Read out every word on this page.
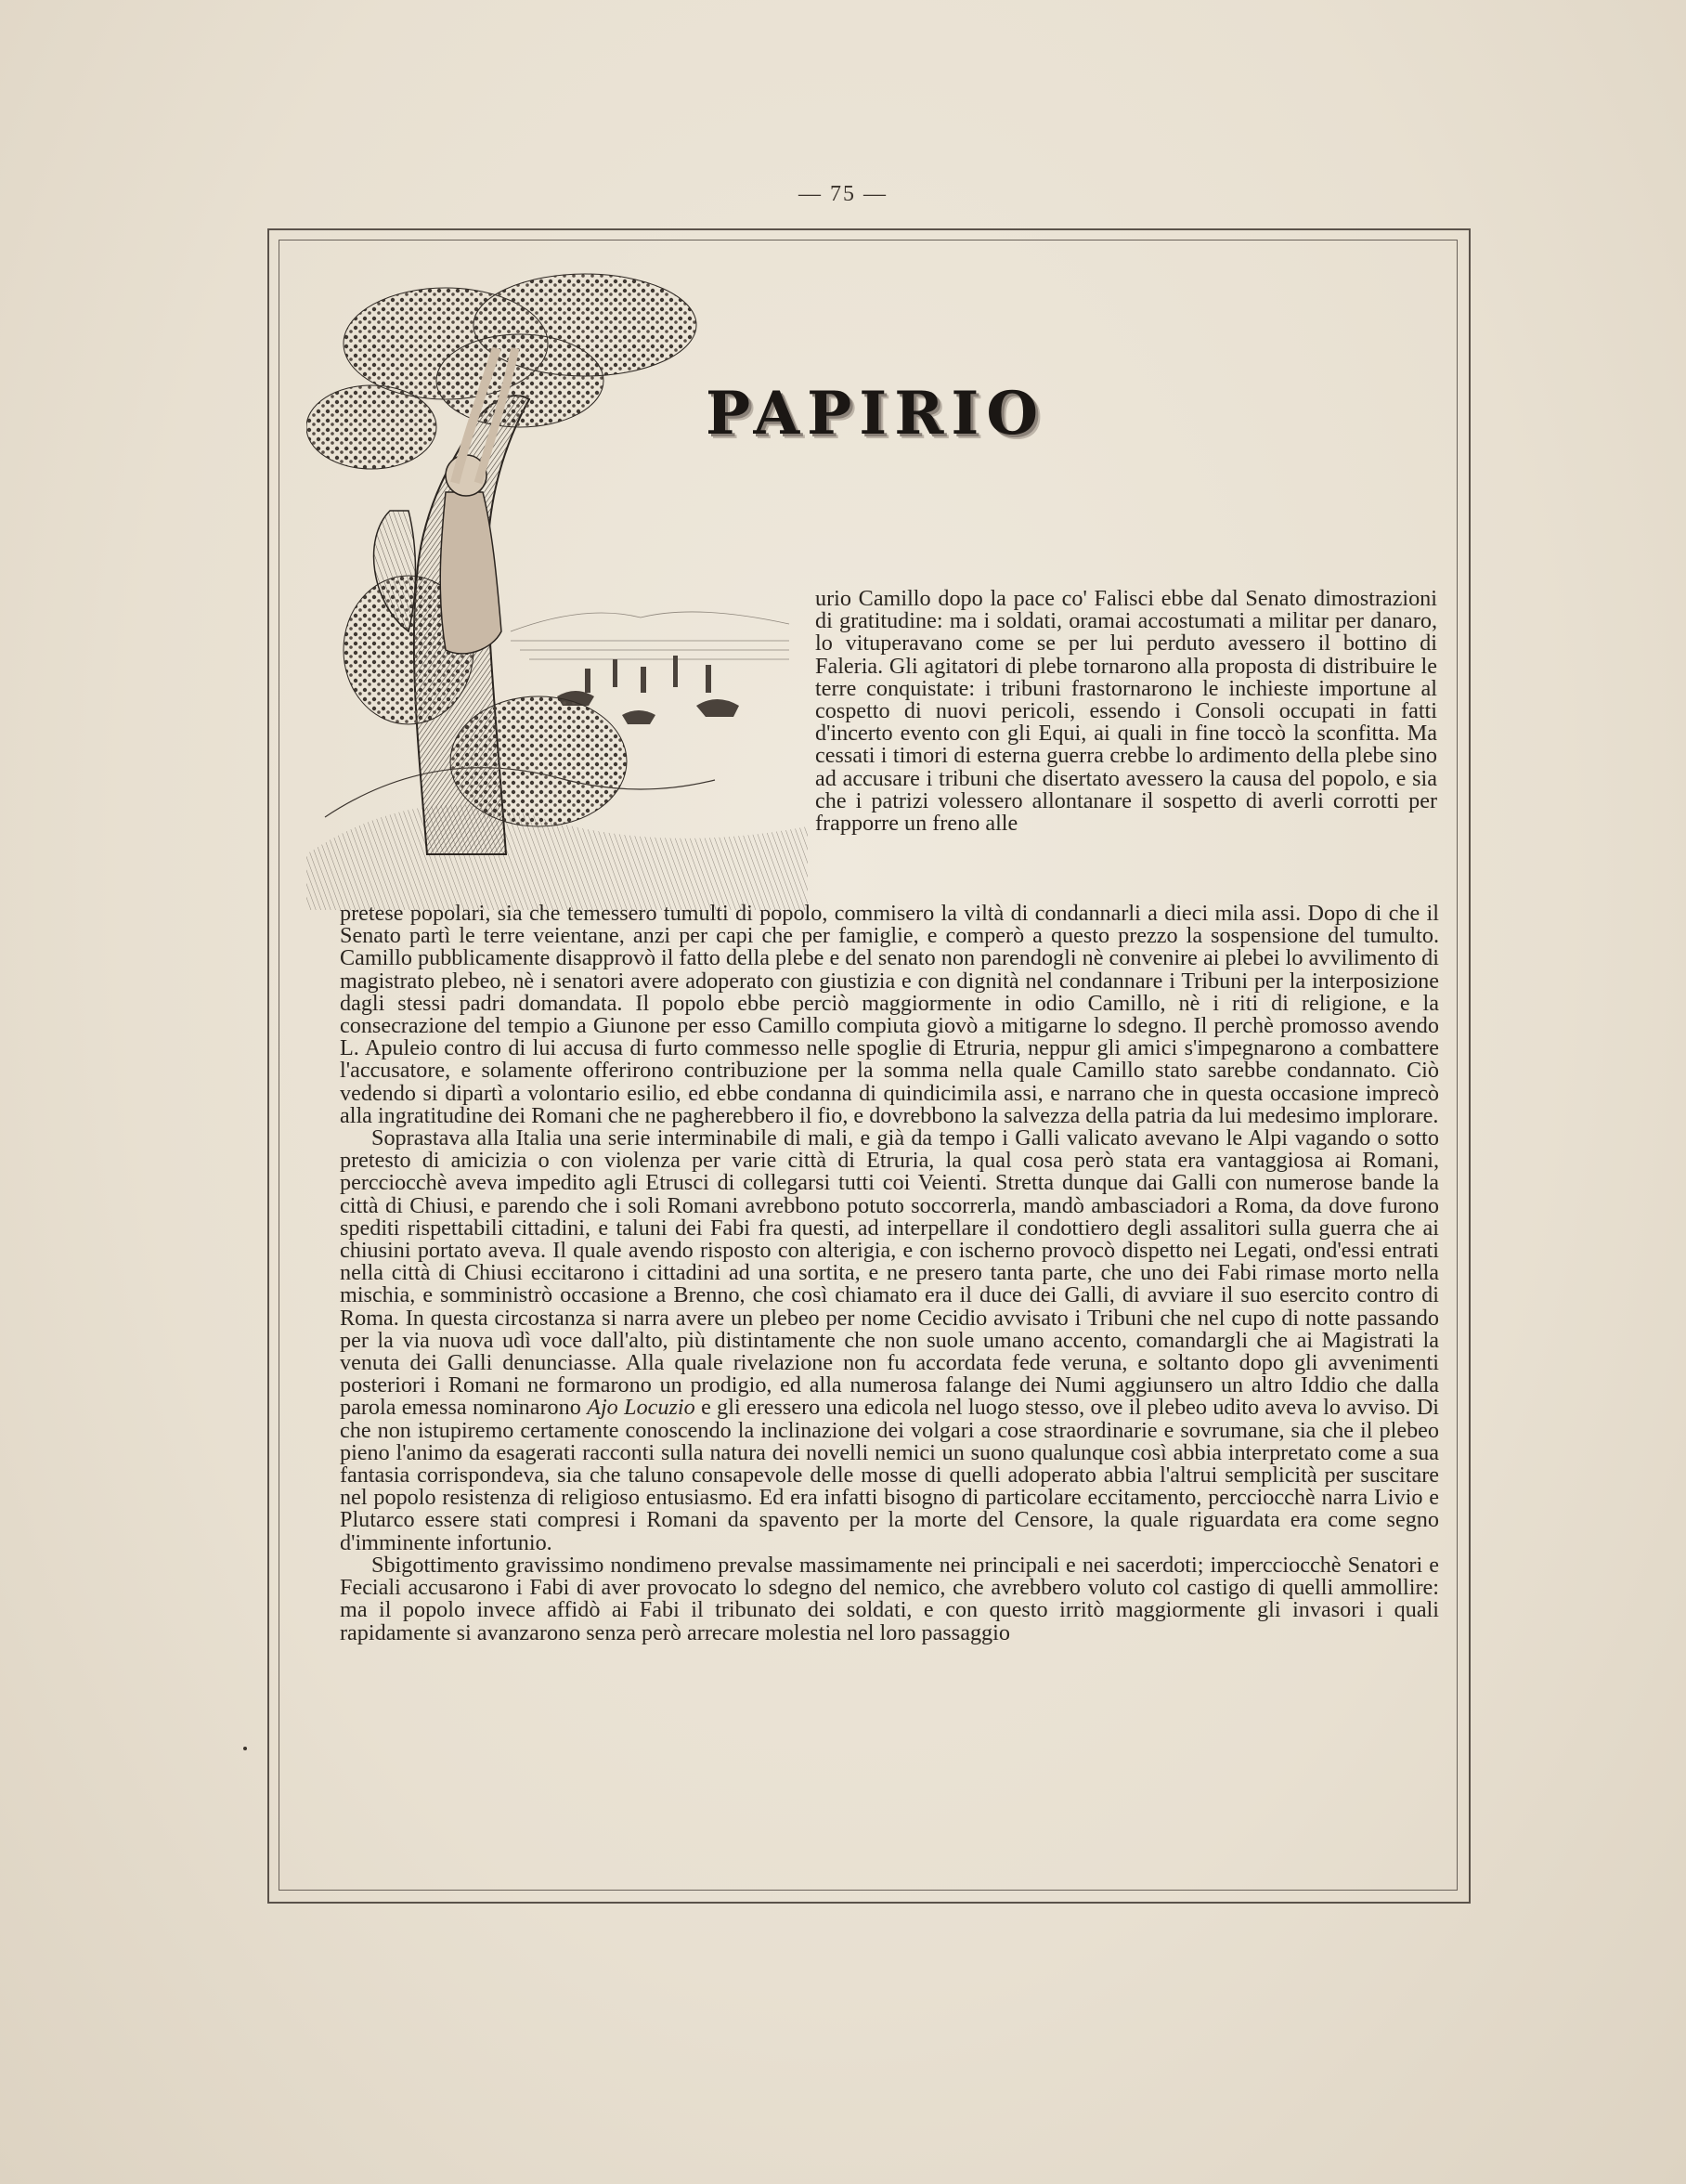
— 75 —
PAPIRIO

urio Camillo dopo la pace co' Falisci ebbe dal Senato dimostrazioni di gratitudine: ma i soldati, oramai accostumati a militar per danaro, lo vituperavano come se per lui perduto avessero il bottino di Faleria. Gli agitatori di plebe tornarono alla proposta di distribuire le terre conquistate: i tribuni frastornarono le inchieste importune al cospetto di nuovi pericoli, essendo i Consoli occupati in fatti d'incerto evento con gli Equi, ai quali in fine toccò la sconfitta. Ma cessati i timori di esterna guerra crebbe lo ardimento della plebe sino ad accusare i tribuni che disertato avessero la causa del popolo, e sia che i patrizi volessero allontanare il sospetto di averli corrotti per frapporre un freno alle

pretese popolari, sia che temessero tumulti di popolo, commisero la viltà di condannarli a dieci mila assi. Dopo di che il Senato partì le terre veientane, anzi per capi che per famiglie, e comperò a questo prezzo la sospensione del tumulto. Camillo pubblicamente disapprovò il fatto della plebe e del senato non parendogli nè convenire ai plebei lo avvilimento di magistrato plebeo, nè i senatori avere adoperato con giustizia e con dignità nel condannare i Tribuni per la interposizione dagli stessi padri domandata. Il popolo ebbe perciò maggiormente in odio Camillo, nè i riti di religione, e la consecrazione del tempio a Giunone per esso Camillo compiuta giovò a mitigarne lo sdegno. Il perchè promosso avendo L. Apuleio contro di lui accusa di furto commesso nelle spoglie di Etruria, neppur gli amici s'impegnarono a combattere l'accusatore, e solamente offerirono contribuzione per la somma nella quale Camillo stato sarebbe condannato. Ciò vedendo si dipartì a volontario esilio, ed ebbe condanna di quindicimila assi, e narrano che in questa occasione imprecò alla ingratitudine dei Romani che ne pagherebbero il fio, e dovrebbono la salvezza della patria da lui medesimo implorare.

Soprastava alla Italia una serie interminabile di mali, e già da tempo i Galli valicato avevano le Alpi vagando o sotto pretesto di amicizia o con violenza per varie città di Etruria, la qual cosa però stata era vantaggiosa ai Romani, percciocchè aveva impedito agli Etrusci di collegarsi tutti coi Veienti. Stretta dunque dai Galli con numerose bande la città di Chiusi, e parendo che i soli Romani avrebbono potuto soccorrerla, mandò ambasciadori a Roma, da dove furono spediti rispettabili cittadini, e taluni dei Fabi fra questi, ad interpellare il condottiero degli assalitori sulla guerra che ai chiusini portato aveva. Il quale avendo risposto con alterigia, e con ischerno provocò dispetto nei Legati, ond'essi entrati nella città di Chiusi eccitarono i cittadini ad una sortita, e ne presero tanta parte, che uno dei Fabi rimase morto nella mischia, e somministrò occasione a Brenno, che così chiamato era il duce dei Galli, di avviare il suo esercito contro di Roma. In questa circostanza si narra avere un plebeo per nome Cecidio avvisato i Tribuni che nel cupo di notte passando per la via nuova udì voce dall'alto, più distintamente che non suole umano accento, comandargli che ai Magistrati la venuta dei Galli denunciasse. Alla quale rivelazione non fu accordata fede veruna, e soltanto dopo gli avvenimenti posteriori i Romani ne formarono un prodigio, ed alla numerosa falange dei Numi aggiunsero un altro Iddio che dalla parola emessa nominarono Ajo Locuzio e gli eressero una edicola nel luogo stesso, ove il plebeo udito aveva lo avviso. Di che non istupiremo certamente conoscendo la inclinazione dei volgari a cose straordinarie e sovrumane, sia che il plebeo pieno l'animo da esagerati racconti sulla natura dei novelli nemici un suono qualunque così abbia interpretato come a sua fantasia corrispondeva, sia che taluno consapevole delle mosse di quelli adoperato abbia l'altrui semplicità per suscitare nel popolo resistenza di religioso entusiasmo. Ed era infatti bisogno di particolare eccitamento, percciocchè narra Livio e Plutarco essere stati compresi i Romani da spavento per la morte del Censore, la quale riguardata era come segno d'imminente infortunio.

Sbigottimento gravissimo nondimeno prevalse massimamente nei principali e nei sacerdoti; impercciocchè Senatori e Feciali accusarono i Fabi di aver provocato lo sdegno del nemico, che avrebbero voluto col castigo di quelli ammollire: ma il popolo invece affidò ai Fabi il tribunato dei soldati, e con questo irritò maggiormente gli invasori i quali rapidamente si avanzarono senza però arrecare molestia nel loro passaggio
